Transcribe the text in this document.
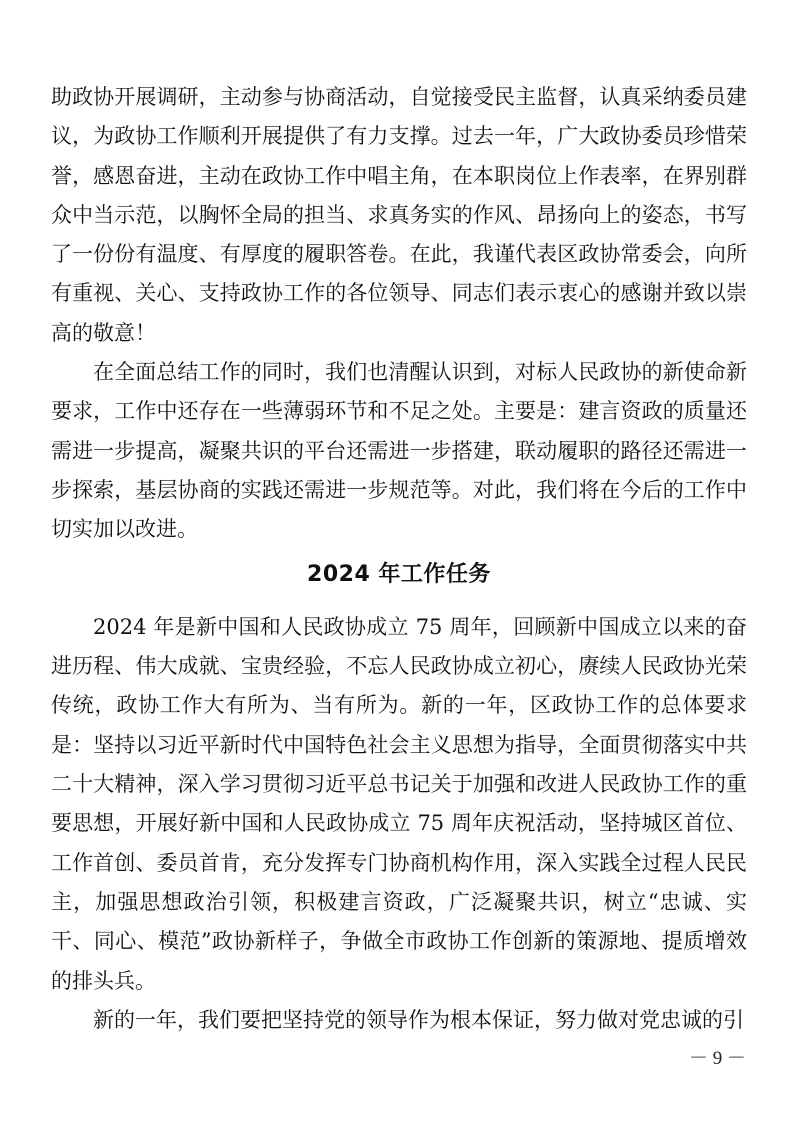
助政协开展调研，主动参与协商活动，自觉接受民主监督，认真采纳委员建议，为政协工作顺利开展提供了有力支撑。过去一年，广大政协委员珍惜荣誉，感恩奋进，主动在政协工作中唱主角，在本职岗位上作表率，在界别群众中当示范，以胸怀全局的担当、求真务实的作风、昂扬向上的姿态，书写了一份份有温度、有厚度的履职答卷。在此，我谨代表区政协常委会，向所有重视、关心、支持政协工作的各位领导、同志们表示衷心的感谢并致以崇高的敬意！

在全面总结工作的同时，我们也清醒认识到，对标人民政协的新使命新要求，工作中还存在一些薄弱环节和不足之处。主要是：建言资政的质量还需进一步提高，凝聚共识的平台还需进一步搭建，联动履职的路径还需进一步探索，基层协商的实践还需进一步规范等。对此，我们将在今后的工作中切实加以改进。

2024 年工作任务

2024 年是新中国和人民政协成立 75 周年，回顾新中国成立以来的奋进历程、伟大成就、宝贵经验，不忘人民政协成立初心，赓续人民政协光荣传统，政协工作大有所为、当有所为。新的一年，区政协工作的总体要求是：坚持以习近平新时代中国特色社会主义思想为指导，全面贯彻落实中共二十大精神，深入学习贯彻习近平总书记关于加强和改进人民政协工作的重要思想，开展好新中国和人民政协成立 75 周年庆祝活动，坚持城区首位、工作首创、委员首肯，充分发挥专门协商机构作用，深入实践全过程人民民主，加强思想政治引领，积极建言资政，广泛凝聚共识，树立“忠诚、实干、同心、模范”政协新样子，争做全市政协工作创新的策源地、提质增效的排头兵。

新的一年，我们要把坚持党的领导作为根本保证，努力做对党忠诚的引

－ 9 －
